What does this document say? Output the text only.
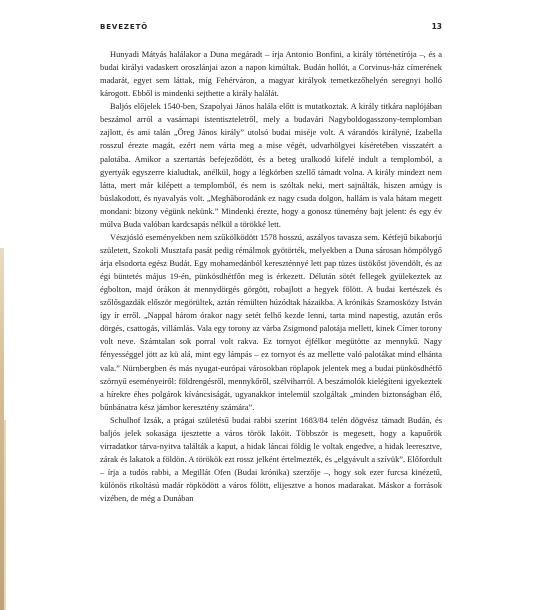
BEVEZETŐ	13

Hunyadi Mátyás halálakor a Duna megáradt – írja Antonio Bonfini, a király történetírója –, és a budai királyi vadaskert oroszlánjai azon a napon kimúltak. Budán hollót, a Corvinus-ház címerének madarát, egyet sem láttak, míg Fehérváron, a magyar királyok temetkezőhelyén seregnyi holló károgott. Ebből is mindenki sejthette a király halálát.

Baljós előjelek 1540-ben, Szapolyai János halála előtt is mutatkoztak. A király titkára naplójában beszámol arról a vasárnapi istentiszteletről, mely a budavári Nagyboldogasszony-templomban zajlott, és ami talán „Öreg János király” utolsó budai miséje volt. A várandós királyné, Izabella rosszul érezte magát, ezért nem várta meg a mise végét, udvarhölgyei kíséretében visszatért a palotába. Amikor a szertartás befejeződött, és a beteg uralkodó kifelé indult a templomból, a gyertyák egyszerre kialudtak, anélkül, hogy a légkörben szellő támadt volna. A király mindezt nem látta, mert már kilépett a templomból, és nem is szóltak neki, mert sajnálták, hiszen amúgy is búslakodott, és nyavalyás volt. „Meghăborodánk ez nagy csuda dolgon, hallám is vala hátam megett mondani: bizony végünk nekünk.” Mindenki érezte, hogy a gonosz tünemény bajt jelent: és egy év múlva Buda valóban kardcsapás nélkül a törökké lett.

Vészjósló eseményekben nem szűkölködött 1578 hosszú, aszályos tavasza sem. Kétfejű bikaborjú született, Szokoli Musztafa pasát pedig rémálmok gyötörték, melyekben a Duna sárosan hömpölygő árja elsodorta egész Budát. Egy mohamedánból kereszténnyé lett pap tüzes üstökőst jövendölt, és az égi büntetés május 19-én, pünkösdhétfőn meg is érkezett. Délután sötét fellegek gyülekeztek az égbolton, majd órákon át mennydörgés görgött, robajlott a hegyek fölött. A budai kertészek és szőlősgazdák először megörültek, aztán rémülten húzódtak házaikba. A krónikás Szamosközy István így ír erről. „Nappal három órakor nagy setét felhő kezde lenni, tarta mind napestig, azután erős dörgés, csattogás, villámlás. Vala egy torony az várba Zsigmond palotája mellett, kinek Címer torony volt neve. Számtalan sok porral volt rakva. Ez tornyot éjfélkor megütötte az mennykű. Nagy fényességgel jött az kü alá, mint egy lámpás – ez tornyot és az mellette való palotákat mind elhánta vala.” Nürnbergben és más nyugat-európai városokban röplapok jelentek meg a budai pünkösdhétfő szörnyű eseményeiről: földrengésről, mennykőről, szélviharról. A beszámolók kielégíteni igyekeztek a hírekre éhes polgárok kíváncsiságát, ugyanakkor intelemül szolgáltak „minden biztonságban élő, bűnbánatra kész jámbor keresztény számára”.

Schulhof Izsák, a prágai születésű budai rabbi szerint 1683/84 telén dögvész támadt Budán, és baljós jelek sokasága ijesztette a város török lakóit. Többször is megesett, hogy a kapuőrök virradatkor tárva-nyitva találták a kaput, a hidak láncai földig le voltak engedve, a hidak leeresztve, zárak és lakatok a földön. A törökök ezt rossz jelként értelmezték, és „elgyávult a szívük”. Előfordult – írja a tudós rabbi, a Megillát Ofen (Budai krónika) szerzője –, hogy sok ezer furcsa kinézetű, különös rikoltású madár röpködött a város fölött, elijesztve a honos madarakat. Máskor a források vizében, de még a Dunában
